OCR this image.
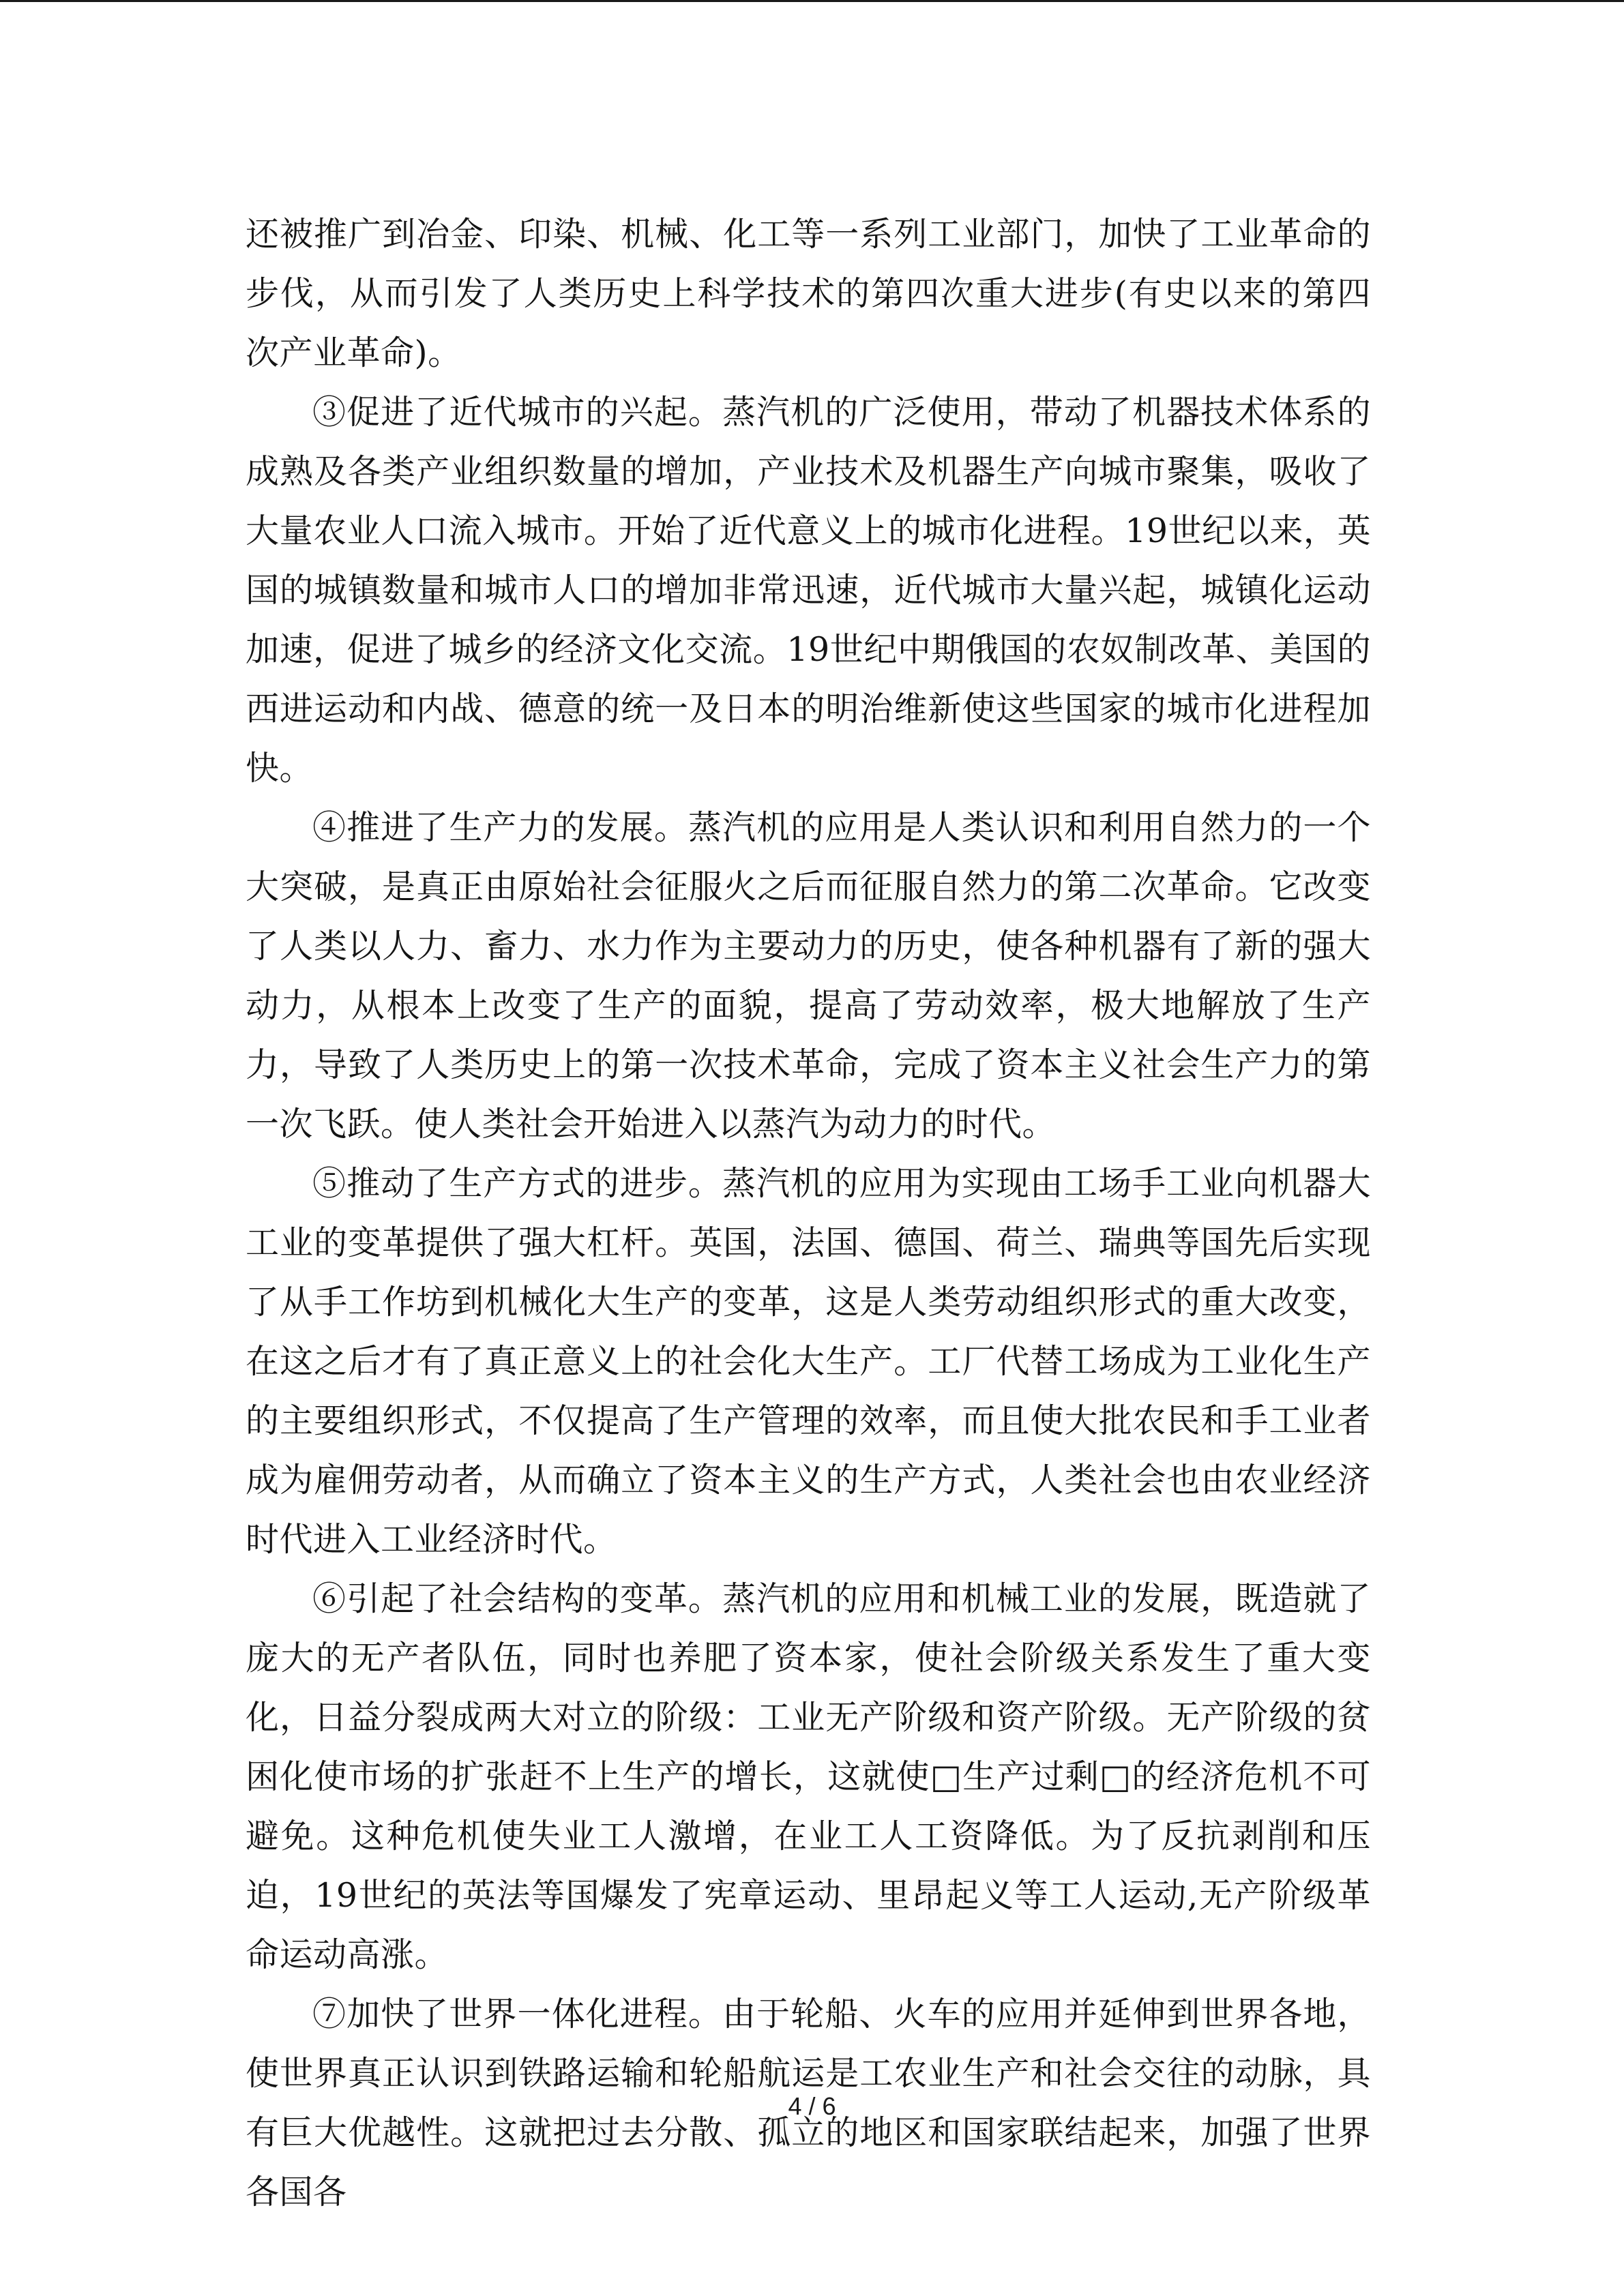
还被推广到冶金、印染、机械、化工等一系列工业部门，加快了工业革命的步伐，从而引发了人类历史上科学技术的第四次重大进步(有史以来的第四次产业革命)。

③促进了近代城市的兴起。蒸汽机的广泛使用，带动了机器技术体系的成熟及各类产业组织数量的增加，产业技术及机器生产向城市聚集，吸收了大量农业人口流入城市。开始了近代意义上的城市化进程。19世纪以来，英国的城镇数量和城市人口的增加非常迅速，近代城市大量兴起，城镇化运动加速，促进了城乡的经济文化交流。19世纪中期俄国的农奴制改革、美国的西进运动和内战、德意的统一及日本的明治维新使这些国家的城市化进程加快。

④推进了生产力的发展。蒸汽机的应用是人类认识和利用自然力的一个大突破，是真正由原始社会征服火之后而征服自然力的第二次革命。它改变了人类以人力、畜力、水力作为主要动力的历史，使各种机器有了新的强大动力，从根本上改变了生产的面貌，提高了劳动效率，极大地解放了生产力，导致了人类历史上的第一次技术革命，完成了资本主义社会生产力的第一次飞跃。使人类社会开始进入以蒸汽为动力的时代。

⑤推动了生产方式的进步。蒸汽机的应用为实现由工场手工业向机器大工业的变革提供了强大杠杆。英国，法国、德国、荷兰、瑞典等国先后实现了从手工作坊到机械化大生产的变革，这是人类劳动组织形式的重大改变，在这之后才有了真正意义上的社会化大生产。工厂代替工场成为工业化生产的主要组织形式，不仅提高了生产管理的效率，而且使大批农民和手工业者成为雇佣劳动者，从而确立了资本主义的生产方式，人类社会也由农业经济时代进入工业经济时代。

⑥引起了社会结构的变革。蒸汽机的应用和机械工业的发展，既造就了庞大的无产者队伍，同时也养肥了资本家，使社会阶级关系发生了重大变化，日益分裂成两大对立的阶级：工业无产阶级和资产阶级。无产阶级的贫困化使市场的扩张赶不上生产的增长，这就使□生产过剩□的经济危机不可避免。这种危机使失业工人激增，在业工人工资降低。为了反抗剥削和压迫，19世纪的英法等国爆发了宪章运动、里昂起义等工人运动,无产阶级革命运动高涨。

⑦加快了世界一体化进程。由于轮船、火车的应用并延伸到世界各地，使世界真正认识到铁路运输和轮船航运是工农业生产和社会交往的动脉，具有巨大优越性。这就把过去分散、孤立的地区和国家联结起来，加强了世界各国各

4 / 6
